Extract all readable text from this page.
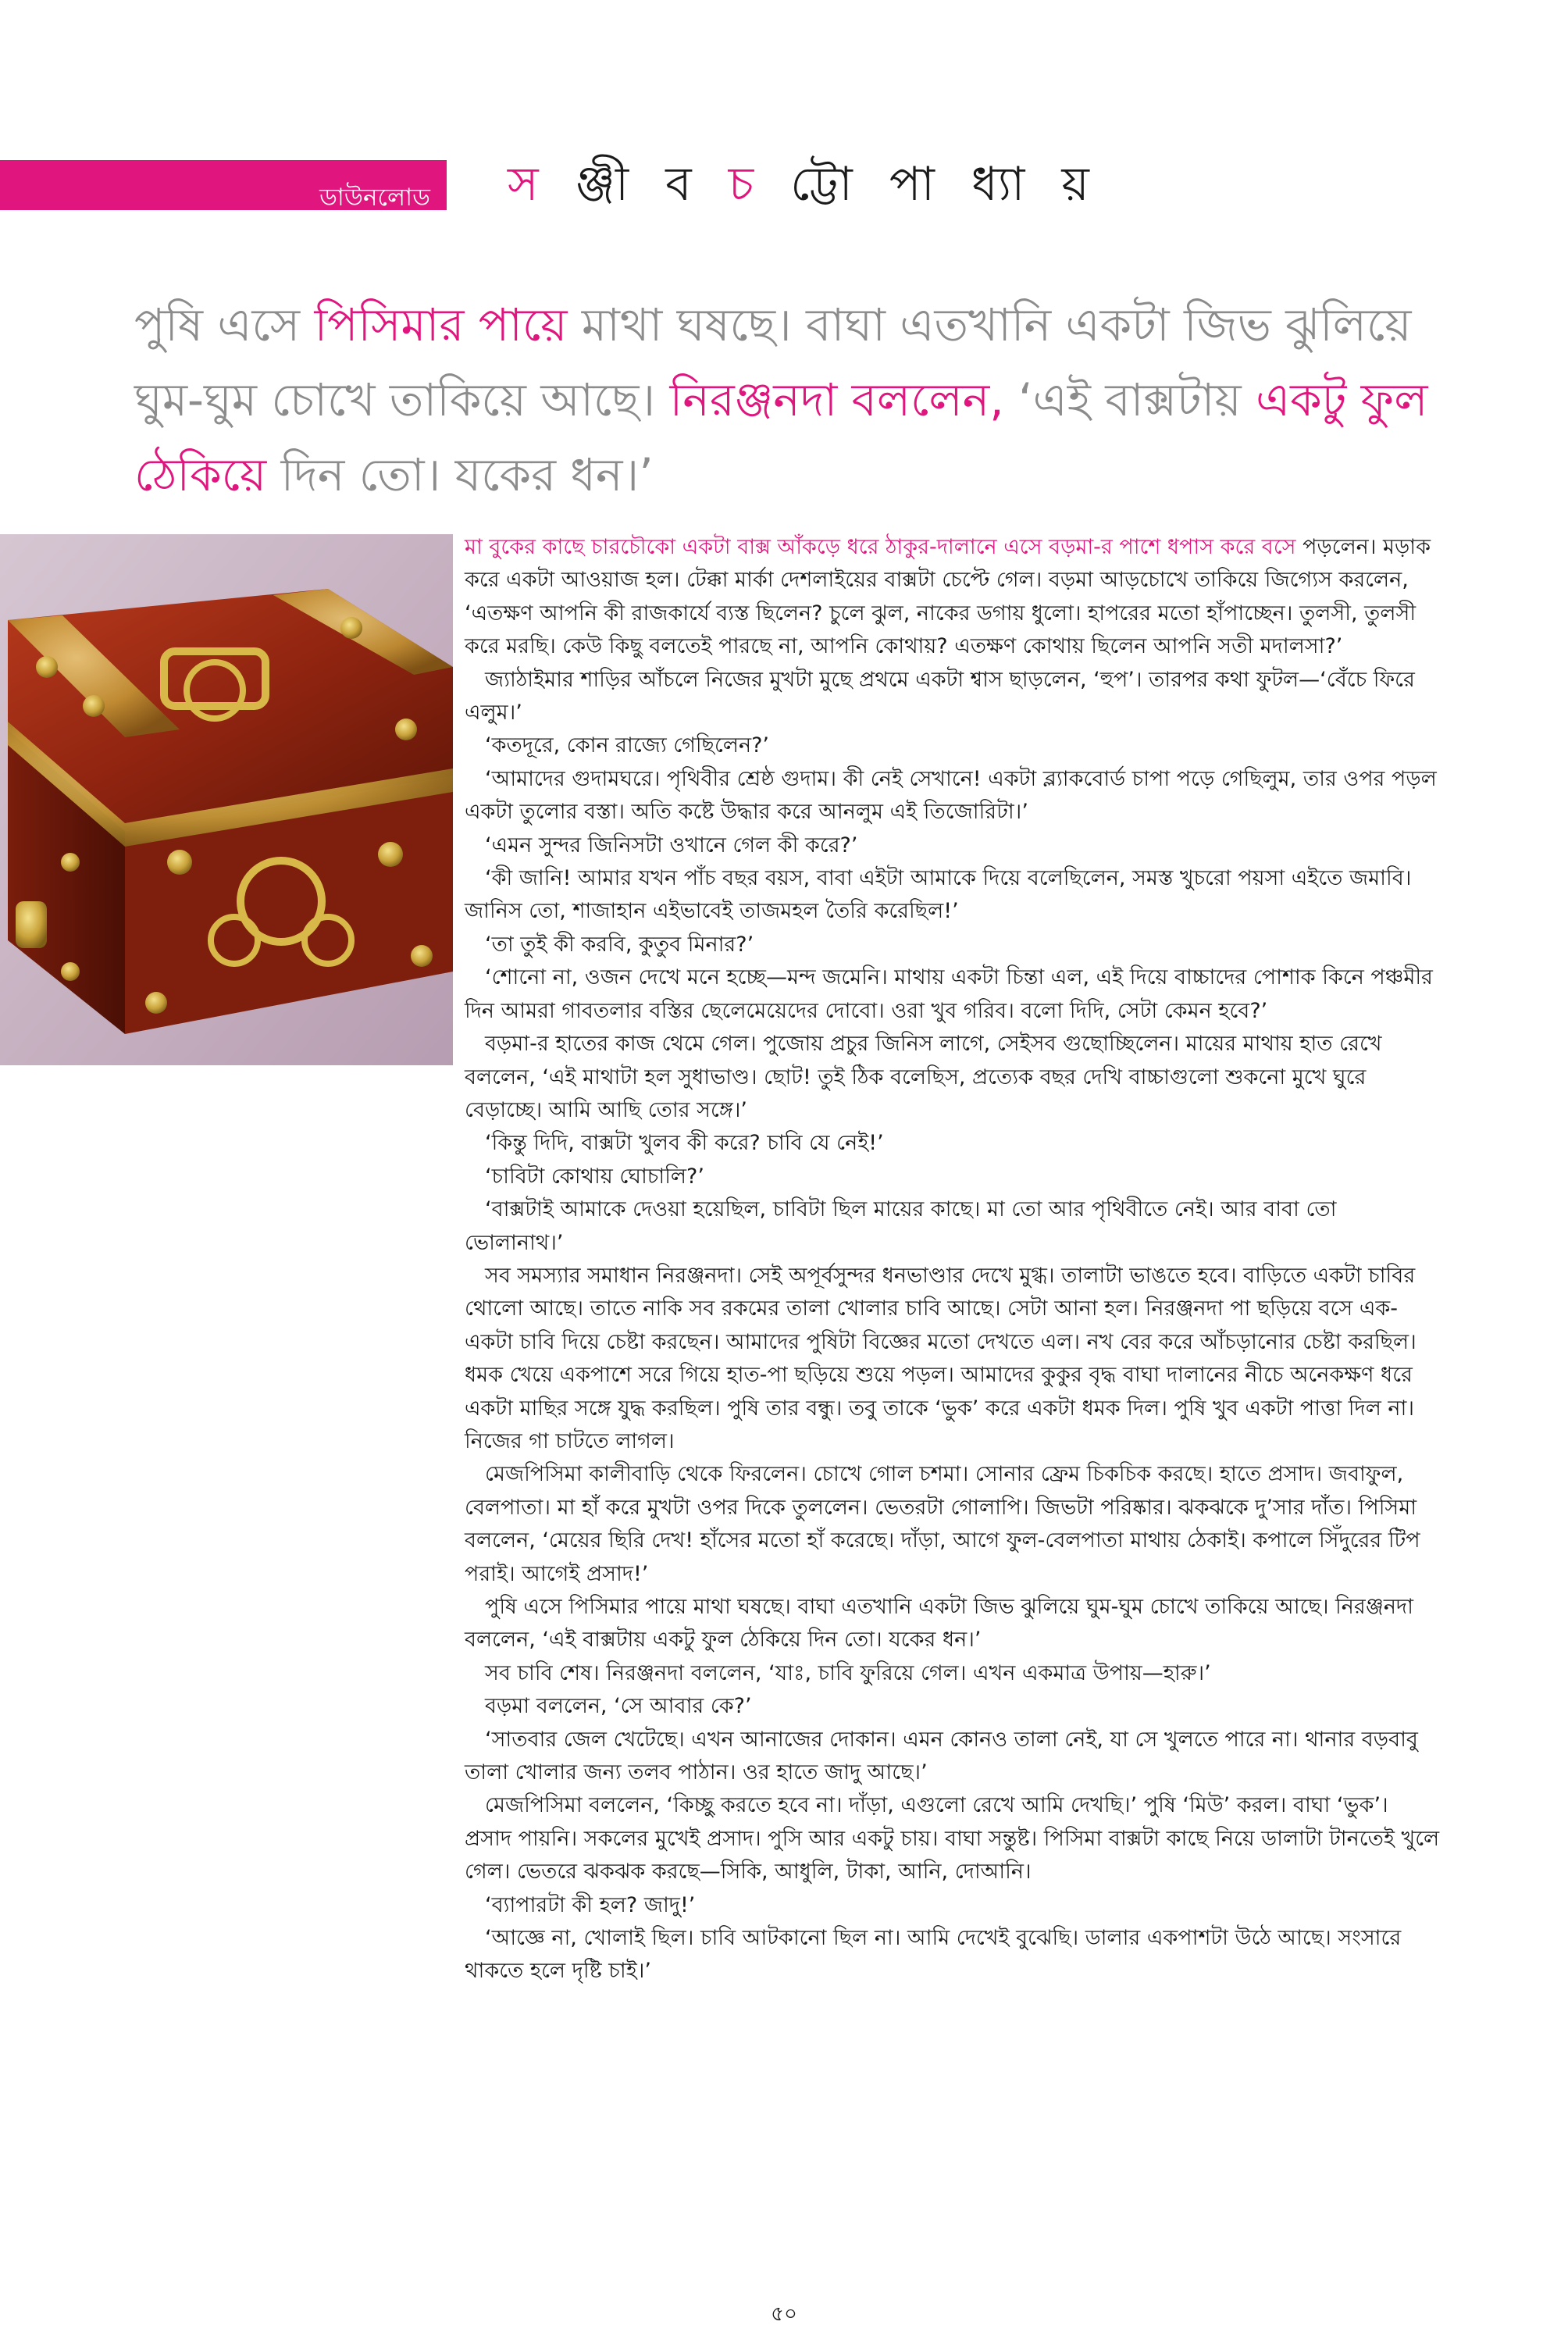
ডাউনলোড	স ঞ্জী ব চ ট্টো পা ধ্যা য়
পুষি এসে পিসিমার পায়ে মাথা ঘষছে। বাঘা এতখানি একটা জিভ ঝুলিয়ে ঘুম-ঘুম চোখে তাকিয়ে আছে। নিরঞ্জনদা বললেন, ‘এই বাক্সটায় একটু ফুল ঠেকিয়ে দিন তো। যকের ধন।’

মা বুকের কাছে চারচৌকো একটা বাক্স আঁকড়ে ধরে ঠাকুর-দালানে এসে বড়মা-র পাশে ধপাস করে বসে পড়লেন। মড়াক করে একটা আওয়াজ হল। টেক্কা মার্কা দেশলাইয়ের বাক্সটা চেপ্টে গেল। বড়মা আড়চোখে তাকিয়ে জিগ্যেস করলেন, ‘এতক্ষণ আপনি কী রাজকার্যে ব্যস্ত ছিলেন? চুলে ঝুল, নাকের ডগায় ধুলো। হাপরের মতো হাঁপাচ্ছেন। তুলসী, তুলসী করে মরছি। কেউ কিছু বলতেই পারছে না, আপনি কোথায়? এতক্ষণ কোথায় ছিলেন আপনি সতী মদালসা?’

জ্যাঠাইমার শাড়ির আঁচলে নিজের মুখটা মুছে প্রথমে একটা শ্বাস ছাড়লেন, ‘হুপ’। তারপর কথা ফুটল—‘বেঁচে ফিরে এলুম।’

‘কতদূরে, কোন রাজ্যে গেছিলেন?’

‘আমাদের গুদামঘরে। পৃথিবীর শ্রেষ্ঠ গুদাম। কী নেই সেখানে! একটা ব্ল্যাকবোর্ড চাপা পড়ে গেছিলুম, তার ওপর পড়ল একটা তুলোর বস্তা। অতি কষ্টে উদ্ধার করে আনলুম এই তিজোরিটা।’

‘এমন সুন্দর জিনিসটা ওখানে গেল কী করে?’

‘কী জানি! আমার যখন পাঁচ বছর বয়স, বাবা এইটা আমাকে দিয়ে বলেছিলেন, সমস্ত খুচরো পয়সা এইতে জমাবি। জানিস তো, শাজাহান এইভাবেই তাজমহল তৈরি করেছিল!’

‘তা তুই কী করবি, কুতুব মিনার?’

‘শোনো না, ওজন দেখে মনে হচ্ছে—মন্দ জমেনি। মাথায় একটা চিন্তা এল, এই দিয়ে বাচ্চাদের পোশাক কিনে পঞ্চমীর দিন আমরা গাবতলার বস্তির ছেলেমেয়েদের দোবো। ওরা খুব গরিব। বলো দিদি, সেটা কেমন হবে?’

বড়মা-র হাতের কাজ থেমে গেল। পুজোয় প্রচুর জিনিস লাগে, সেইসব গুছোচ্ছিলেন। মায়ের মাথায় হাত রেখে বললেন, ‘এই মাথাটা হল সুধাভাণ্ড। ছোট! তুই ঠিক বলেছিস, প্রত্যেক বছর দেখি বাচ্চাগুলো শুকনো মুখে ঘুরে বেড়াচ্ছে। আমি আছি তোর সঙ্গে।’

‘কিন্তু দিদি, বাক্সটা খুলব কী করে? চাবি যে নেই!’

‘চাবিটা কোথায় ঘোচালি?’

‘বাক্সটাই আমাকে দেওয়া হয়েছিল, চাবিটা ছিল মায়ের কাছে। মা তো আর পৃথিবীতে নেই। আর বাবা তো ভোলানাথ।’

সব সমস্যার সমাধান নিরঞ্জনদা। সেই অপূর্বসুন্দর ধনভাণ্ডার দেখে মুগ্ধ। তালাটা ভাঙতে হবে। বাড়িতে একটা চাবির থোলো আছে। তাতে নাকি সব রকমের তালা খোলার চাবি আছে। সেটা আনা হল। নিরঞ্জনদা পা ছড়িয়ে বসে এক-একটা চাবি দিয়ে চেষ্টা করছেন। আমাদের পুষিটা বিজ্ঞের মতো দেখতে এল। নখ বের করে আঁচড়ানোর চেষ্টা করছিল। ধমক খেয়ে একপাশে সরে গিয়ে হাত-পা ছড়িয়ে শুয়ে পড়ল। আমাদের কুকুর বৃদ্ধ বাঘা দালানের নীচে অনেকক্ষণ ধরে একটা মাছির সঙ্গে যুদ্ধ করছিল। পুষি তার বন্ধু। তবু তাকে ‘ভুক’ করে একটা ধমক দিল। পুষি খুব একটা পাত্তা দিল না। নিজের গা চাটতে লাগল।

মেজপিসিমা কালীবাড়ি থেকে ফিরলেন। চোখে গোল চশমা। সোনার ফ্রেম চিকচিক করছে। হাতে প্রসাদ। জবাফুল, বেলপাতা। মা হাঁ করে মুখটা ওপর দিকে তুললেন। ভেতরটা গোলাপি। জিভটা পরিষ্কার। ঝকঝকে দু’সার দাঁত। পিসিমা বললেন, ‘মেয়ের ছিরি দেখ! হাঁসের মতো হাঁ করেছে। দাঁড়া, আগে ফুল-বেলপাতা মাথায় ঠেকাই। কপালে সিঁদুরের টিপ পরাই। আগেই প্রসাদ!’

পুষি এসে পিসিমার পায়ে মাথা ঘষছে। বাঘা এতখানি একটা জিভ ঝুলিয়ে ঘুম-ঘুম চোখে তাকিয়ে আছে। নিরঞ্জনদা বললেন, ‘এই বাক্সটায় একটু ফুল ঠেকিয়ে দিন তো। যকের ধন।’

সব চাবি শেষ। নিরঞ্জনদা বললেন, ‘যাঃ, চাবি ফুরিয়ে গেল। এখন একমাত্র উপায়—হারু।’

বড়মা বললেন, ‘সে আবার কে?’

‘সাতবার জেল খেটেছে। এখন আনাজের দোকান। এমন কোনও তালা নেই, যা সে খুলতে পারে না। থানার বড়বাবু তালা খোলার জন্য তলব পাঠান। ওর হাতে জাদু আছে।’

মেজপিসিমা বললেন, ‘কিচ্ছু করতে হবে না। দাঁড়া, এগুলো রেখে আমি দেখছি।’ পুষি ‘মিউ’ করল। বাঘা ‘ভুক’। প্রসাদ পায়নি। সকলের মুখেই প্রসাদ। পুসি আর একটু চায়। বাঘা সন্তুষ্ট। পিসিমা বাক্সটা কাছে নিয়ে ডালাটা টানতেই খুলে গেল। ভেতরে ঝকঝক করছে—সিকি, আধুলি, টাকা, আনি, দোআনি।

‘ব্যাপারটা কী হল? জাদু!’

‘আজ্ঞে না, খোলাই ছিল। চাবি আটকানো ছিল না। আমি দেখেই বুঝেছি। ডালার একপাশটা উঠে আছে। সংসারে থাকতে হলে দৃষ্টি চাই।’

৫০
